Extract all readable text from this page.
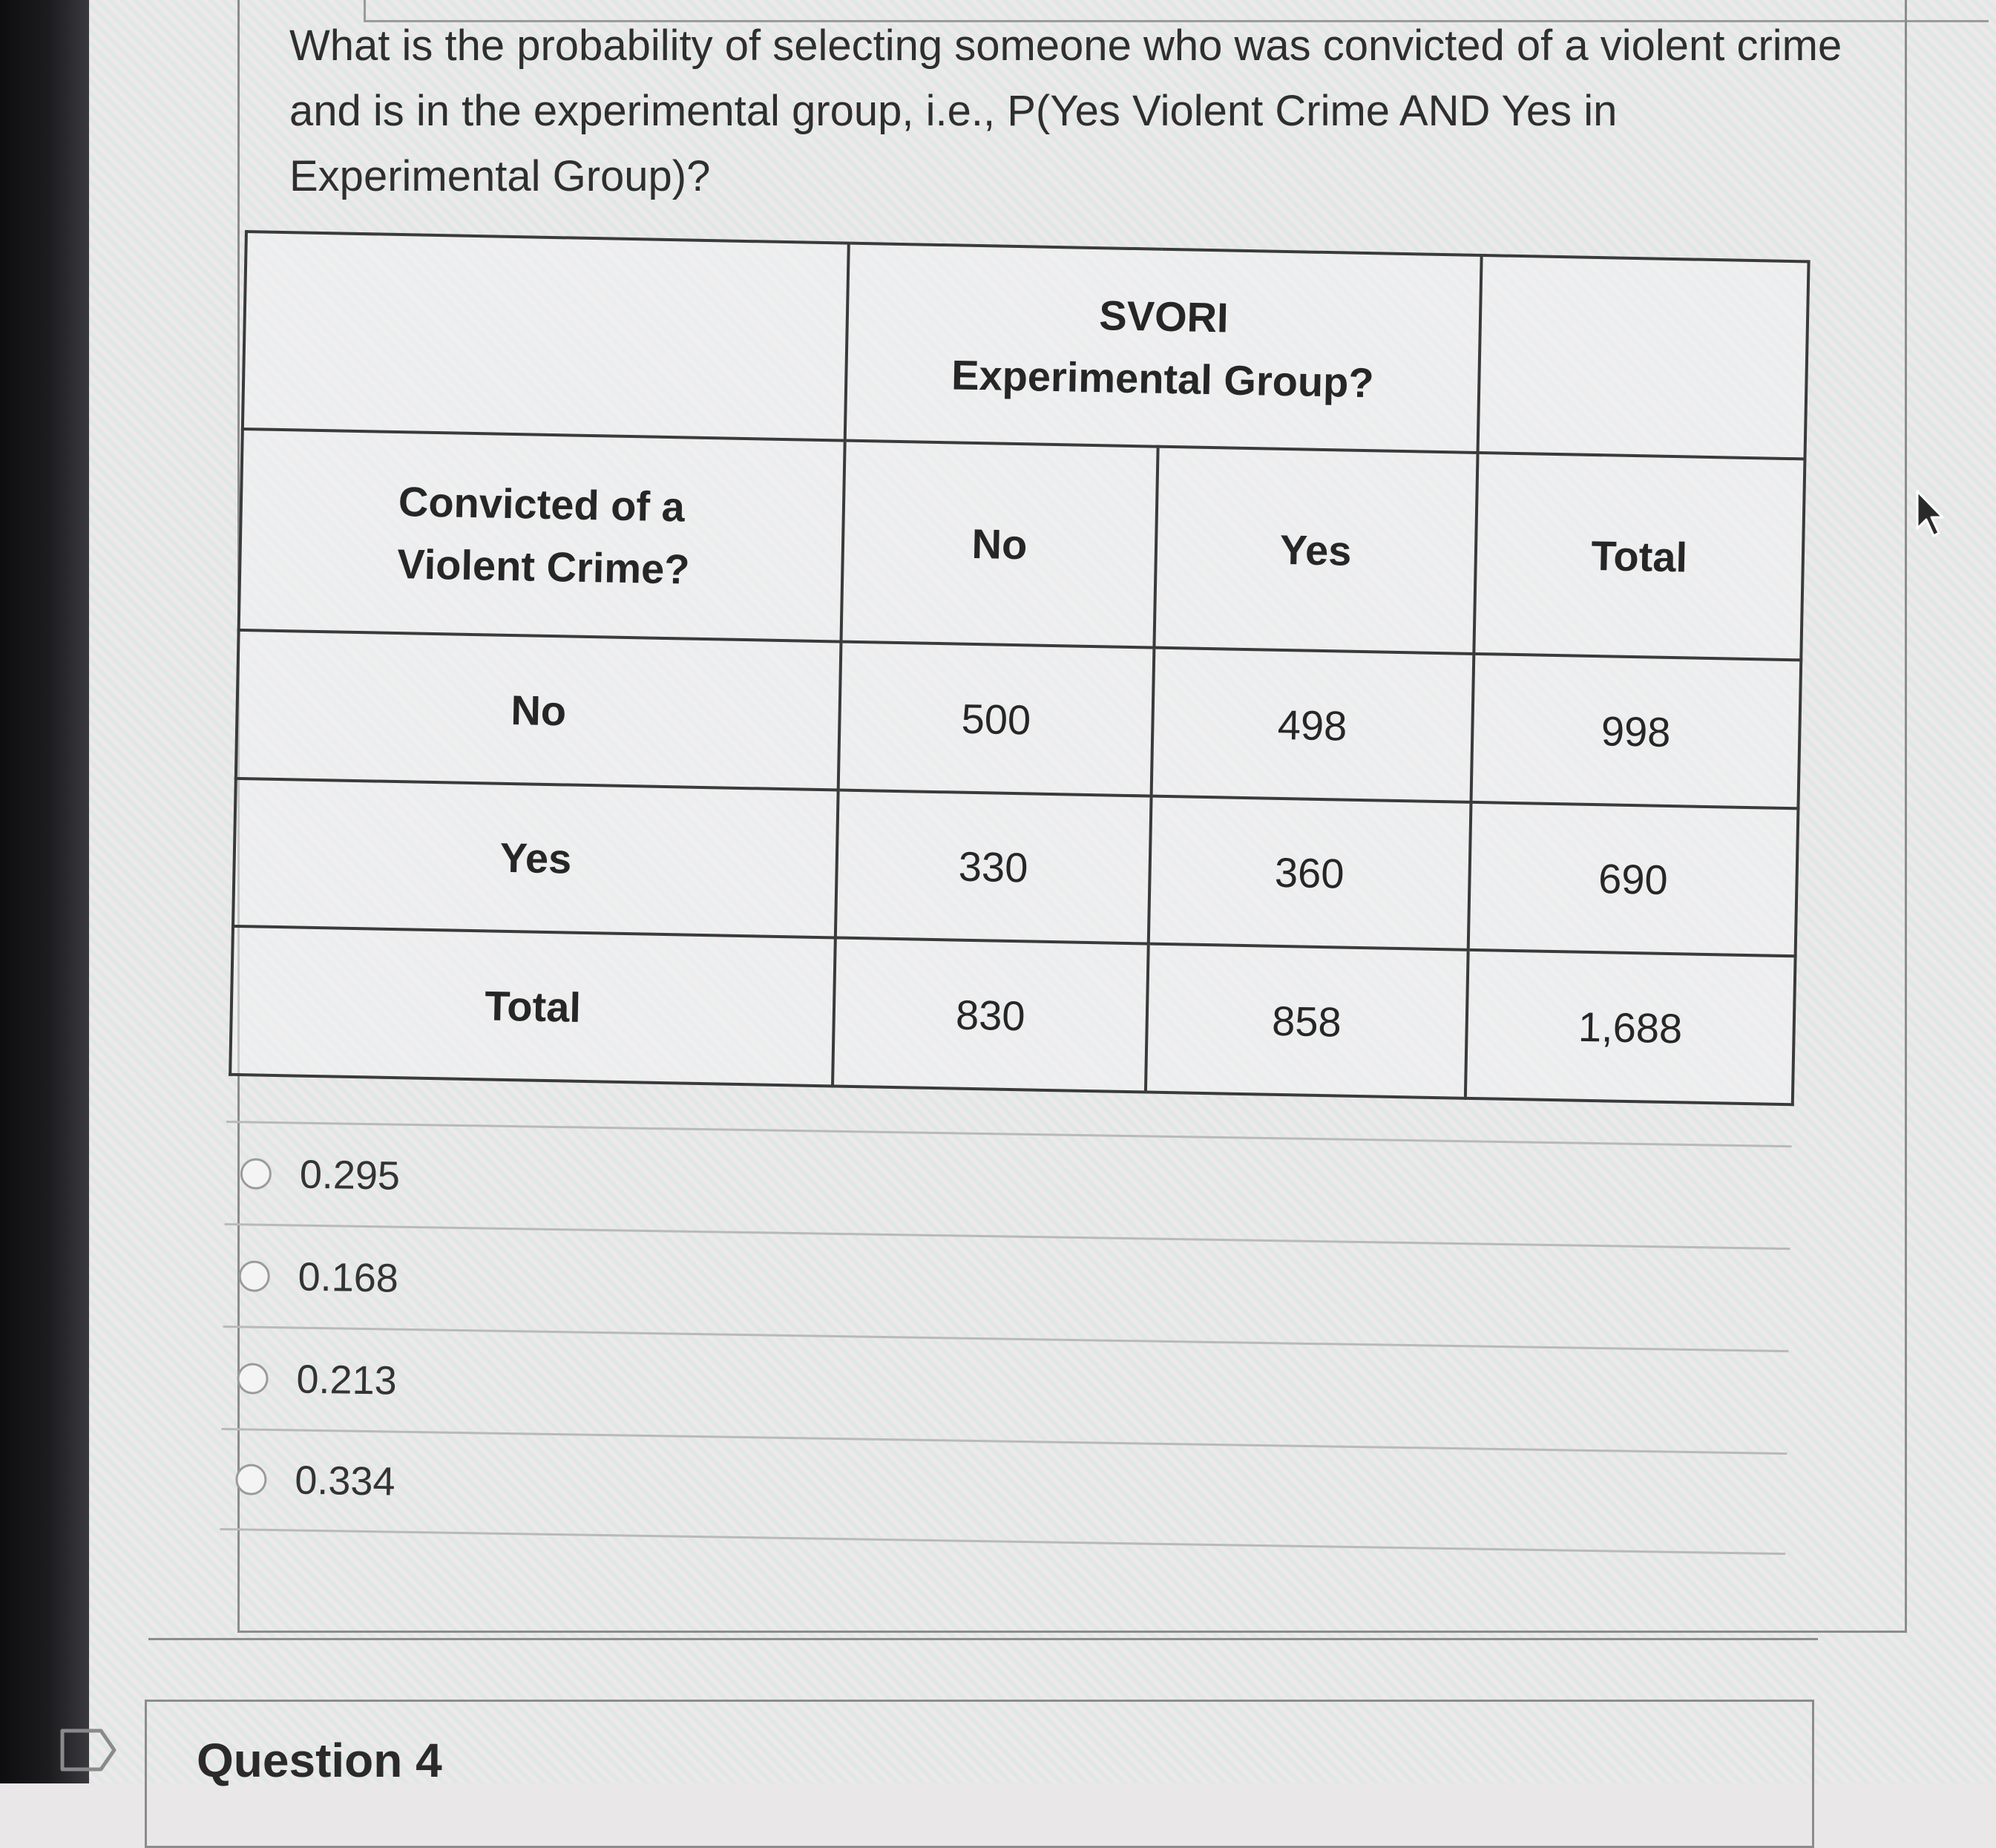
What is the probability of selecting someone who was convicted of a violent crime and is in the experimental group, i.e., P(Yes Violent Crime AND Yes in Experimental Group)?

	SVORI
Experimental Group?		

Convicted of a
Violent Crime?	No	Yes	Total
No	500	498	998
Yes	330	360	690
Total	830	858	1,688
0.295
0.168
0.213
0.334
Question 4
